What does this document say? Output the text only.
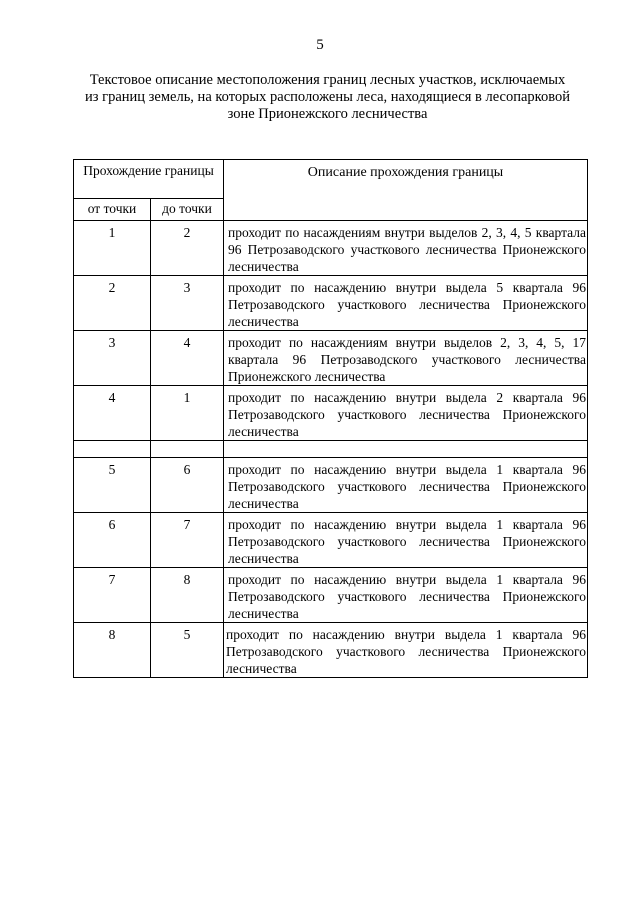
5
Текстовое описание местоположения границ лесных участков, исключаемых
из границ земель, на которых расположены леса, находящиеся в лесопарковой
зоне Прионежского лесничества
Прохождение границы		Описание прохождения границы
от точки	до точки	
1	2	проходит по насаждениям внутри выделов 2, 3, 4, 5 квартала 96 Петрозаводского участкового лесничества Прионежского лесничества
2	3	проходит по насаждению внутри выдела 5 квартала 96 Петрозаводского участкового лесничества Прионежского лесничества
3	4	проходит по насаждениям внутри выделов 2, 3, 4, 5, 17 квартала 96 Петрозаводского участкового лесничества Прионежского лесничества
4	1	проходит по насаждению внутри выдела 2 квартала 96 Петрозаводского участкового лесничества Прионежского лесничества

5	6	проходит по насаждению внутри выдела 1 квартала 96 Петрозаводского участкового лесничества Прионежского лесничества
6	7	проходит по насаждению внутри выдела 1 квартала 96 Петрозаводского участкового лесничества Прионежского лесничества
7	8	проходит по насаждению внутри выдела 1 квартала 96 Петрозаводского участкового лесничества Прионежского лесничества
8	5	проходит по насаждению внутри выдела 1 квартала 96 Петрозаводского участкового лесничества Прионежского лесничества
